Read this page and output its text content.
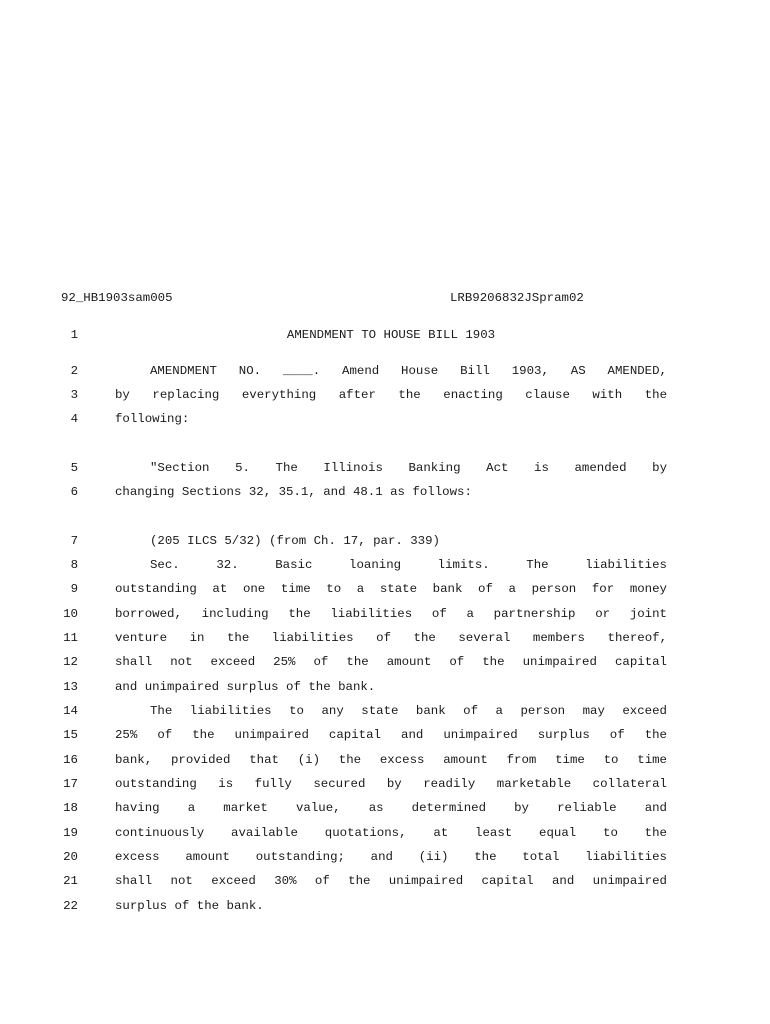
92_HB1903sam005	LRB9206832JSpram02
1	AMENDMENT TO HOUSE BILL 1903
2	AMENDMENT NO. ____. Amend House Bill 1903, AS AMENDED,
3	by replacing everything after the enacting clause with the
4	following:
5	"Section 5. The Illinois Banking Act is amended by
6	changing Sections 32, 35.1, and 48.1 as follows:
7	(205 ILCS 5/32) (from Ch. 17, par. 339)
8	Sec. 32. Basic loaning limits. The liabilities
9	outstanding at one time to a state bank of a person for money
10	borrowed, including the liabilities of a partnership or joint
11	venture in the liabilities of the several members thereof,
12	shall not exceed 25% of the amount of the unimpaired capital
13	and unimpaired surplus of the bank.
14	The liabilities to any state bank of a person may exceed
15	25% of the unimpaired capital and unimpaired surplus of the
16	bank, provided that (i) the excess amount from time to time
17	outstanding is fully secured by readily marketable collateral
18	having a market value, as determined by reliable and
19	continuously available quotations, at least equal to the
20	excess amount outstanding; and (ii) the total liabilities
21	shall not exceed 30% of the unimpaired capital and unimpaired
22	surplus of the bank.
